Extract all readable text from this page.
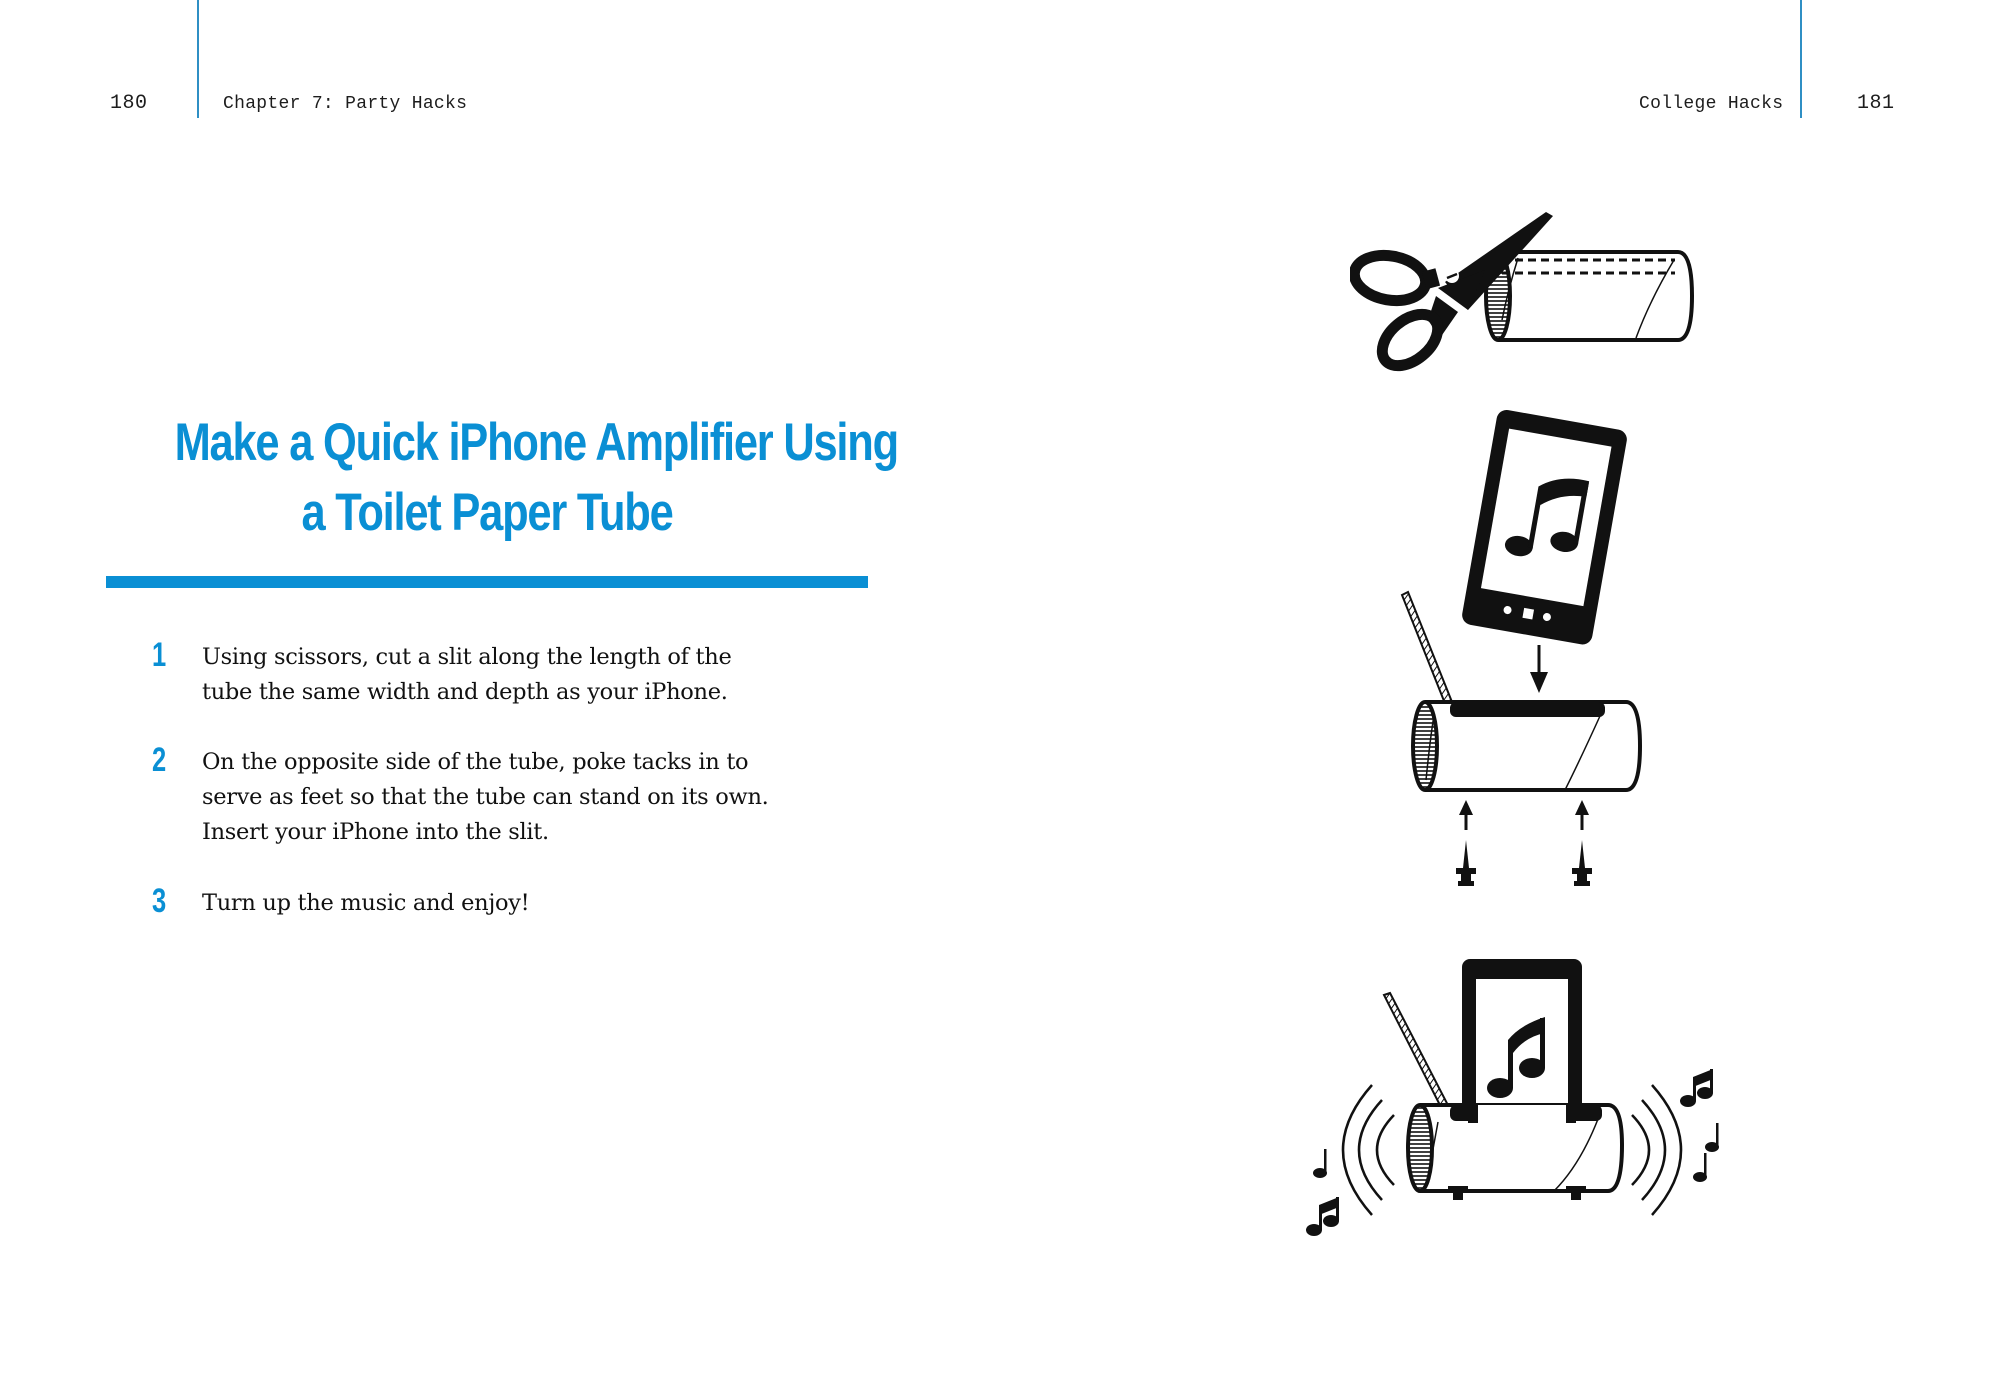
180	Chapter 7: Party Hacks	College Hacks	181
Make a Quick iPhone Amplifier Using
a Toilet Paper Tube
1 Using scissors, cut a slit along the length of the
tube the same width and depth as your iPhone.
2 On the opposite side of the tube, poke tacks in to
serve as feet so that the tube can stand on its own.
Insert your iPhone into the slit.
3 Turn up the music and enjoy!
